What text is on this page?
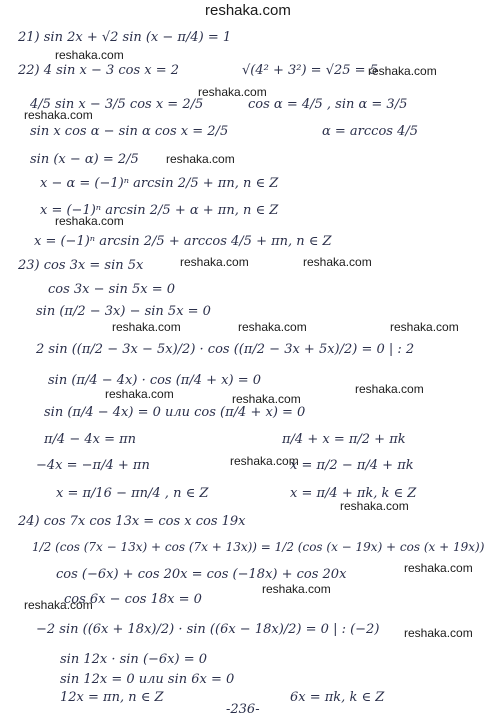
reshaka.com
21) sin 2x + √2 sin (x − π/4) = 1
22) 4 sin x − 3 cos x = 2	√(4² + 3²) = √25 = 5
4/5 sin x − 3/5 cos x = 2/5	cos α = 4/5 , sin α = 3/5
sin x cos α − sin α cos x = 2/5	α = arccos 4/5
sin (x − α) = 2/5
x − α = (−1)ⁿ arcsin 2/5 + πn, n ∈ Z
x = (−1)ⁿ arcsin 2/5 + α + πn, n ∈ Z
x = (−1)ⁿ arcsin 2/5 + arccos 4/5 + πn, n ∈ Z
23) cos 3x = sin 5x
cos 3x − sin 5x = 0
sin (π/2 − 3x) − sin 5x = 0
2 sin ((π/2 − 3x − 5x)/2) · cos ((π/2 − 3x + 5x)/2) = 0 | : 2
sin (π/4 − 4x) · cos (π/4 + x) = 0
sin (π/4 − 4x) = 0 или cos (π/4 + x) = 0
π/4 − 4x = πn	π/4 + x = π/2 + πk
−4x = −π/4 + πn	x = π/2 − π/4 + πk
x = π/16 − πn/4 , n ∈ Z	x = π/4 + πk, k ∈ Z
24) cos 7x cos 13x = cos x cos 19x
1/2 (cos (7x − 13x) + cos (7x + 13x)) = 1/2 (cos (x − 19x) + cos (x + 19x))
cos (−6x) + cos 20x = cos (−18x) + cos 20x
cos 6x − cos 18x = 0
−2 sin ((6x + 18x)/2) · sin ((6x − 18x)/2) = 0 | : (−2)
sin 12x · sin (−6x) = 0
sin 12x = 0 или sin 6x = 0
12x = πn, n ∈ Z	6x = πk, k ∈ Z
reshaka.com
reshaka.com
reshaka.com
reshaka.com
reshaka.com
reshaka.com
reshaka.com	reshaka.com
reshaka.com	reshaka.com	reshaka.com
reshaka.com	reshaka.com
reshaka.com
reshaka.com
reshaka.com
reshaka.com
reshaka.com
reshaka.com
reshaka.com
-236-
